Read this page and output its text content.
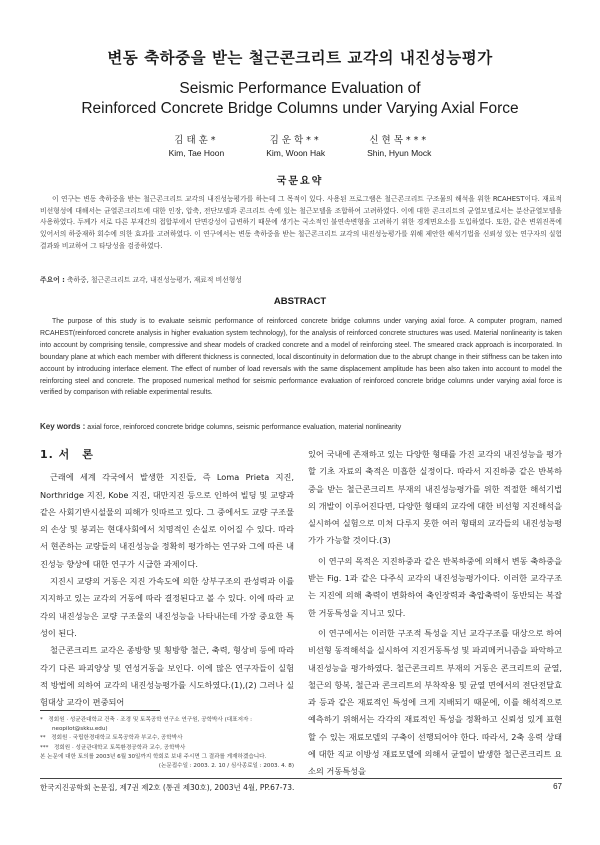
변동 축하중을 받는 철근콘크리트 교각의 내진성능평가
Seismic Performance Evaluation of
Reinforced Concrete Bridge Columns under Varying Axial Force
김태훈*
Kim, Tae Hoon
김운학**
Kim, Woon Hak
신현목***
Shin, Hyun Mock
국문요약
이 연구는 변동 축하중을 받는 철근콘크리트 교각의 내진성능평가를 하는데 그 목적이 있다. 사용된 프로그램은 철근콘크리트 구조물의 해석을 위한 RCAHEST이다. 재료적 비선형성에 대해서는 균열콘크리트에 대한 인장, 압축, 전단모델과 콘크리트 속에 있는 철근모델을 조합하여 고려하였다. 이에 대한 콘크리트의 균열모델로서는 분산균열모델을 사용하였다. 두께가 서로 다른 부재간의 접합부에서 단면강성이 급변하기 때문에 생기는 국소적인 불연속변형을 고려하기 위한 경계면요소를 도입하였다. 또한, 같은 변위진폭에 있어서의 하중재하 회수에 의한 효과를 고려하였다. 이 연구에서는 변동 축하중을 받는 철근콘크리트 교각의 내진성능평가를 위해 제안한 해석기법을 신뢰성 있는 연구자의 실험결과와 비교하여 그 타당성을 검증하였다.
주요어 : 축하중, 철근콘크리트 교각, 내진성능평가, 재료적 비선형성
ABSTRACT
The purpose of this study is to evaluate seismic performance of reinforced concrete bridge columns under varying axial force. A computer program, named RCAHEST(reinforced concrete analysis in higher evaluation system technology), for the analysis of reinforced concrete structures was used. Material nonlinearity is taken into account by comprising tensile, compressive and shear models of cracked concrete and a model of reinforcing steel. The smeared crack approach is incorporated. In boundary plane at which each member with different thickness is connected, local discontinuity in deformation due to the abrupt change in their stiffness can be taken into account by introducing interface element. The effect of number of load reversals with the same displacement amplitude has been also taken into account to model the reinforcing steel and concrete. The proposed numerical method for seismic performance evaluation of reinforced concrete bridge columns under varying axial force is verified by comparison with reliable experimental results.
Key words : axial force, reinforced concrete bridge columns, seismic performance evaluation, material nonlinearity
1. 서　론

근래에 세계 각국에서 발생한 지진들, 즉 Loma Prieta 지진, Northridge 지진, Kobe 지진, 대만지진 등으로 인하여 빌딩 및 교량과 같은 사회기반시설물의 피해가 잇따르고 있다. 그 중에서도 교량 구조물의 손상 및 붕괴는 현대사회에서 치명적인 손실로 이어질 수 있다. 따라서 현존하는 교량들의 내진성능을 정확히 평가하는 연구와 그에 따른 내진성능 향상에 대한 연구가 시급한 과제이다.

지진시 교량의 거동은 지진 가속도에 의한 상부구조의 관성력과 이를 지지하고 있는 교각의 거동에 따라 결정된다고 볼 수 있다. 이에 따라 교각의 내진성능은 교량 구조물의 내진성능을 나타내는데 가장 중요한 특성이 된다.

철근콘크리트 교각은 종방향 및 횡방향 철근, 축력, 형상비 등에 따라 각기 다른 파괴양상 및 연성거동을 보인다. 이에 많은 연구자들이 실험적 방법에 의하여 교각의 내진성능평가를 시도하였다.(1),(2) 그러나 실험대상 교각이 편중되어

*　정회원 · 성균관대학교 건축 · 조경 및 토목공학 연구소 연구원, 공학박사 (대표저자 : neopilot@skku.edu)
**　정회원 · 국립한경대학교 토목공학과 부교수, 공학박사
***　정회원 · 성균관대학교 토목환경공학과 교수, 공학박사
본 논문에 대한 토의를 2003년 6월 30일까지 학회로 보내 주시면 그 결과를 게재하겠습니다.
(논문접수일 : 2003. 2. 10 / 심사종료일 : 2003. 4. 8)

있어 국내에 존재하고 있는 다양한 형태를 가진 교각의 내진성능을 평가할 기초 자료의 축적은 미흡한 실정이다. 따라서 지진하중 같은 반복하중을 받는 철근콘크리트 부재의 내진성능평가를 위한 적절한 해석기법의 개발이 이루어진다면, 다양한 형태의 교각에 대한 비선형 지진해석을 실시하여 실험으로 미처 다루지 못한 여러 형태의 교각들의 내진성능평가가 가능할 것이다.(3)

이 연구의 목적은 지진하중과 같은 반복하중에 의해서 변동 축하중을 받는 Fig. 1과 같은 다주식 교각의 내진성능평가이다. 이러한 교각구조는 지진에 의해 축력이 변화하여 축인장력과 축압축력이 동반되는 복잡한 거동특성을 지니고 있다.

이 연구에서는 이러한 구조적 특성을 지닌 교각구조를 대상으로 하여 비선형 동적해석을 실시하여 지진거동특성 및 파괴메커니즘을 파악하고 내진성능을 평가하였다. 철근콘크리트 부재의 거동은 콘크리트의 균열, 철근의 항복, 철근과 콘크리트의 부착작용 및 균열 면에서의 전단전달효과 등과 같은 재료적인 특성에 크게 지배되기 때문에, 이를 해석적으로 예측하기 위해서는 각각의 재료적인 특성을 정확하고 신뢰성 있게 표현할 수 있는 재료모델의 구축이 선행되어야 한다. 따라서, 2축 응력 상태에 대한 직교 이방성 재료모델에 의해서 균열이 발생한 철근콘크리트 요소의 거동특성을

한국지진공학회 논문집, 제7권 제2호 (통권 제30호), 2003년 4월, PP.67-73.	67
